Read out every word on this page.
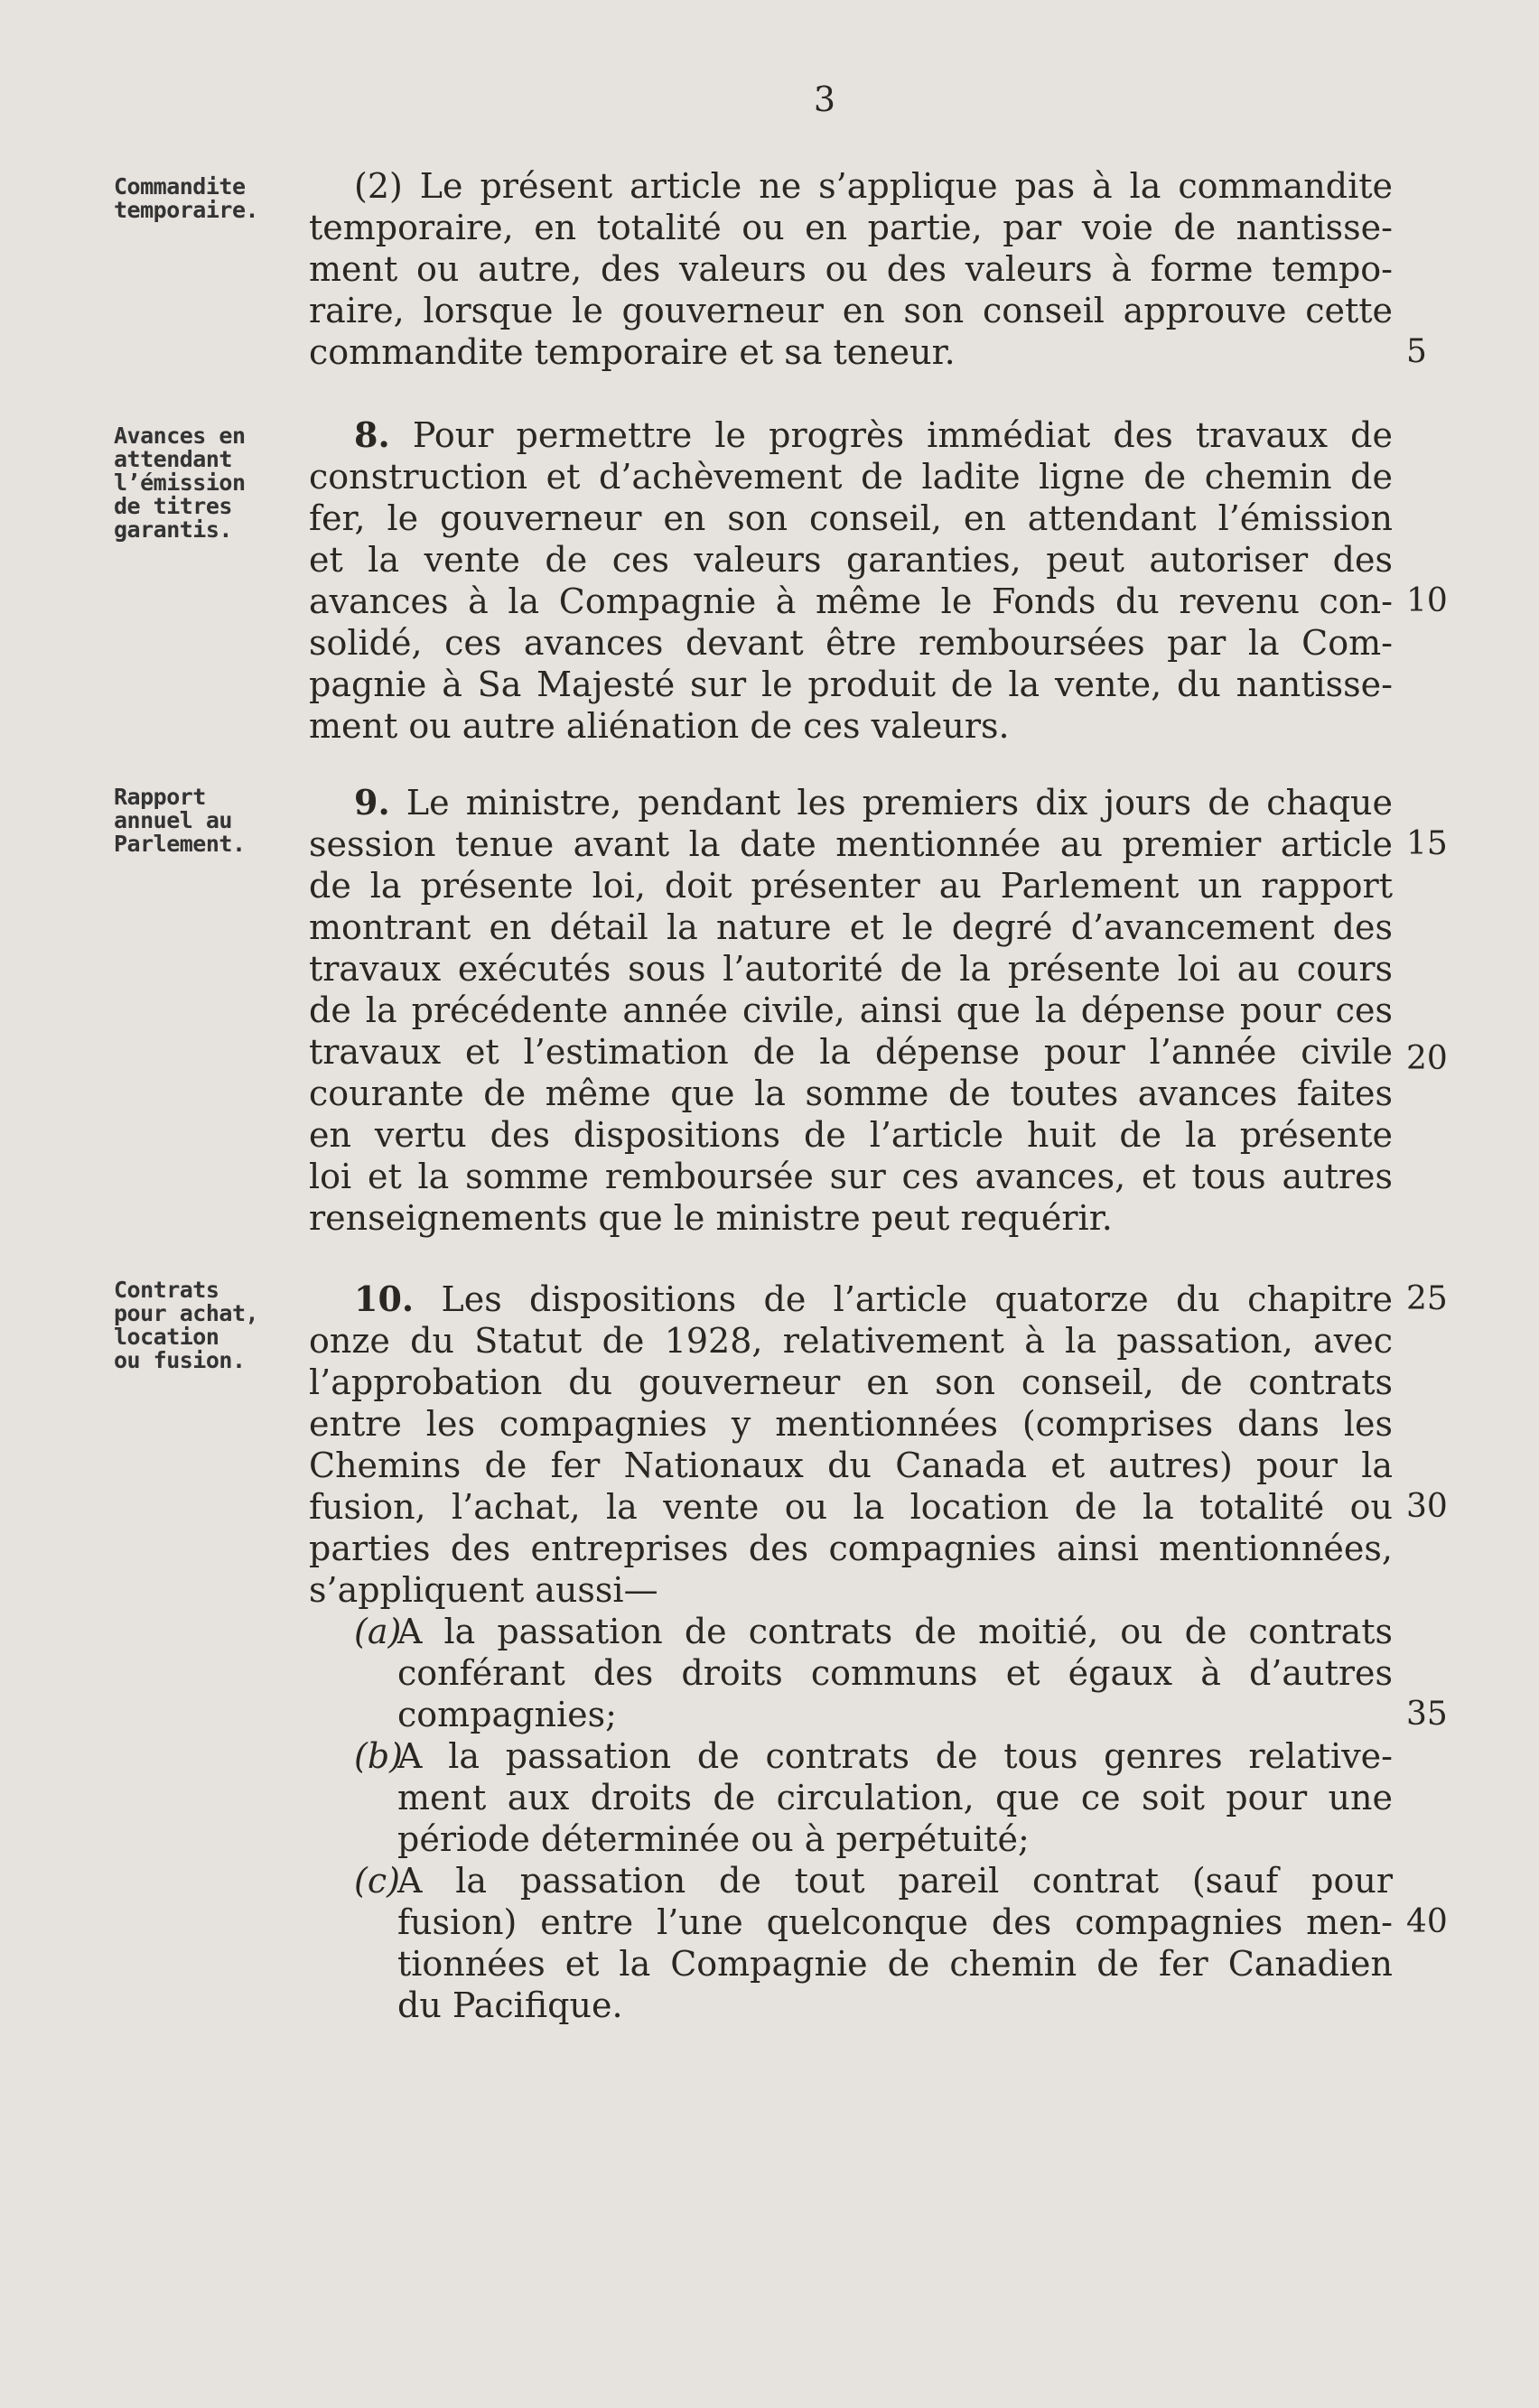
3
Commandite
temporaire.
Avances en
attendant
l’émission
de titres
garantis.
Rapport
annuel au
Parlement.
Contrats
pour achat,
location
ou fusion.
(2) Le présent article ne s’applique pas à la commandite
temporaire, en totalité ou en partie, par voie de nantisse-
ment ou autre, des valeurs ou des valeurs à forme tempo-
raire, lorsque le gouverneur en son conseil approuve cette
commandite temporaire et sa teneur.
8. Pour permettre le progrès immédiat des travaux de
construction et d’achèvement de ladite ligne de chemin de
fer, le gouverneur en son conseil, en attendant l’émission
et la vente de ces valeurs garanties, peut autoriser des
avances à la Compagnie à même le Fonds du revenu con-
solidé, ces avances devant être remboursées par la Com-
pagnie à Sa Majesté sur le produit de la vente, du nantisse-
ment ou autre aliénation de ces valeurs.
9. Le ministre, pendant les premiers dix jours de chaque
session tenue avant la date mentionnée au premier article
de la présente loi, doit présenter au Parlement un rapport
montrant en détail la nature et le degré d’avancement des
travaux exécutés sous l’autorité de la présente loi au cours
de la précédente année civile, ainsi que la dépense pour ces
travaux et l’estimation de la dépense pour l’année civile
courante de même que la somme de toutes avances faites
en vertu des dispositions de l’article huit de la présente
loi et la somme remboursée sur ces avances, et tous autres
renseignements que le ministre peut requérir.
10. Les dispositions de l’article quatorze du chapitre
onze du Statut de 1928, relativement à la passation, avec
l’approbation du gouverneur en son conseil, de contrats
entre les compagnies y mentionnées (comprises dans les
Chemins de fer Nationaux du Canada et autres) pour la
fusion, l’achat, la vente ou la location de la totalité ou
parties des entreprises des compagnies ainsi mentionnées,
s’appliquent aussi—
(a)
A la passation de contrats de moitié, ou de contrats
conférant des droits communs et égaux à d’autres
compagnies;
(b)
A la passation de contrats de tous genres relative-
ment aux droits de circulation, que ce soit pour une
période déterminée ou à perpétuité;
(c)
A la passation de tout pareil contrat (sauf pour
fusion) entre l’une quelconque des compagnies men-
tionnées et la Compagnie de chemin de fer Canadien
du Pacifique.
5
10
15
20
25
30
35
40
